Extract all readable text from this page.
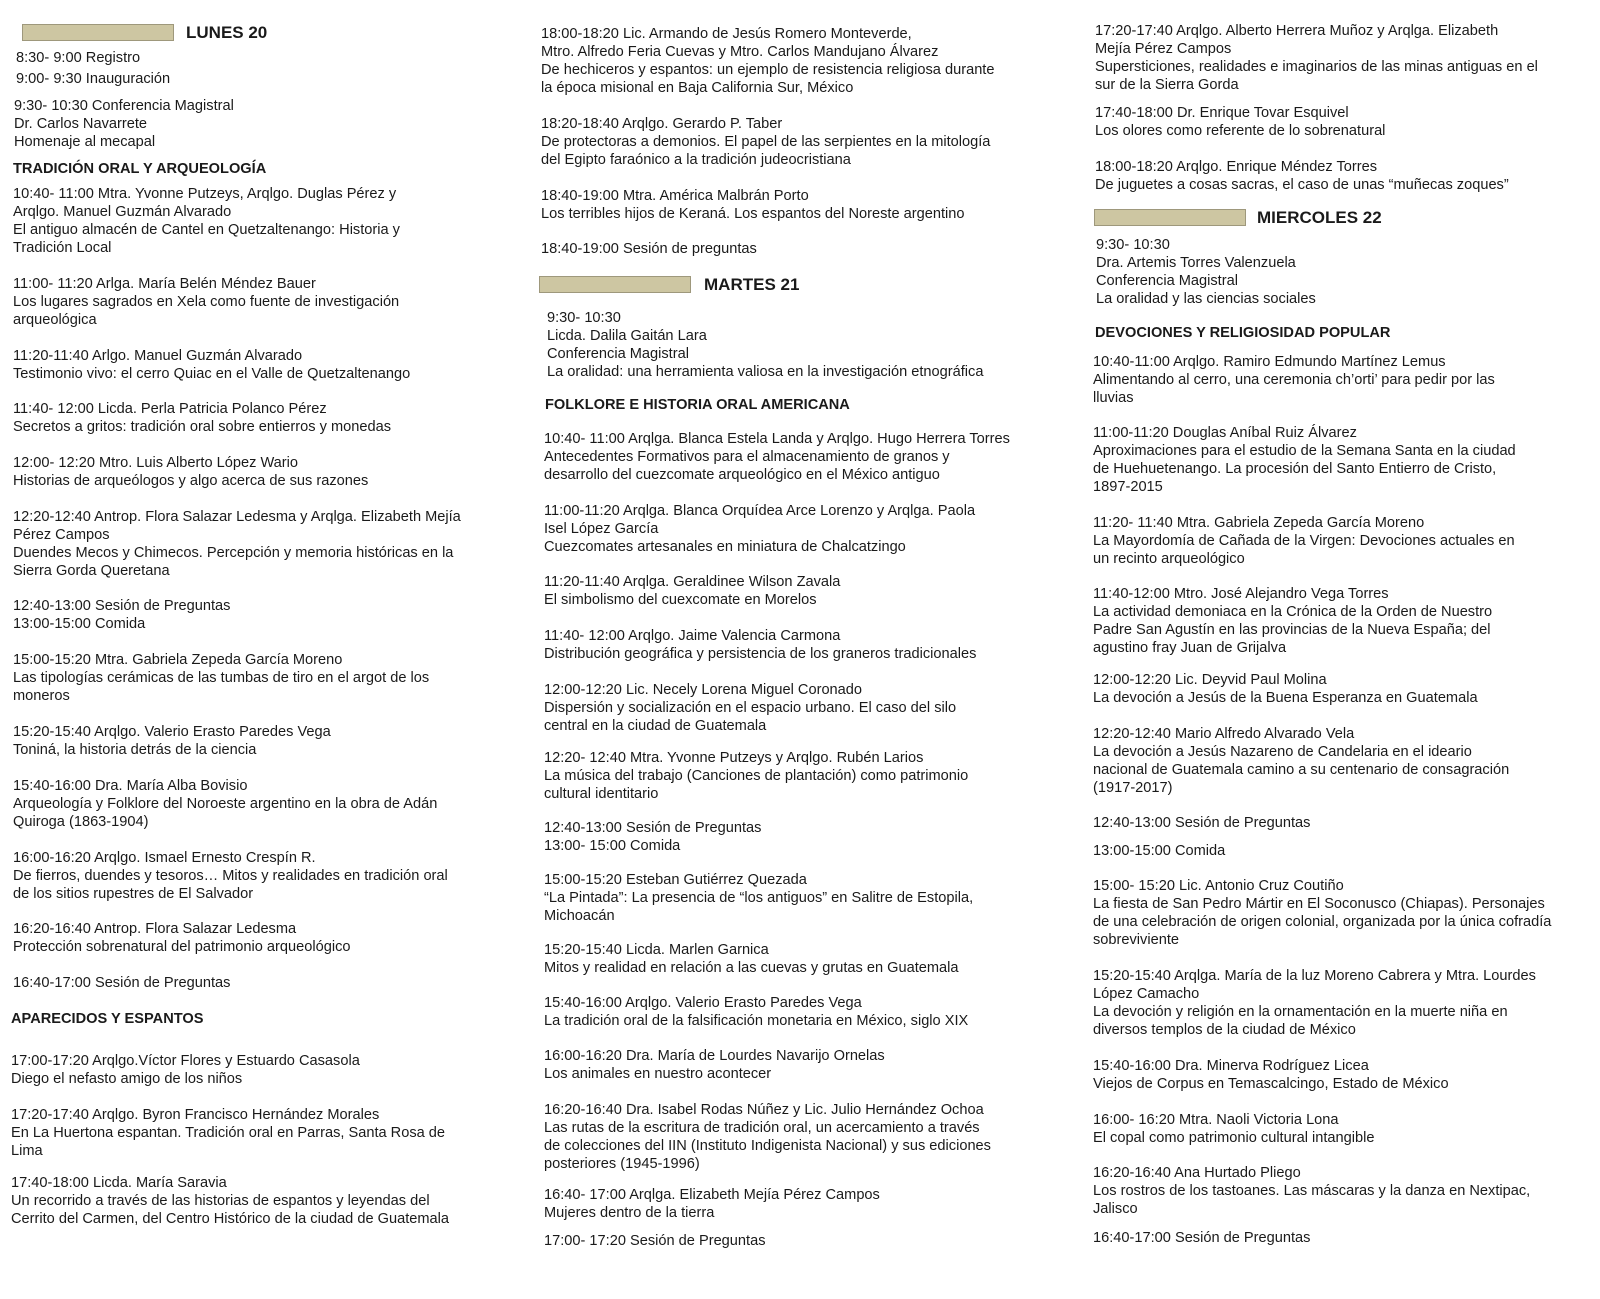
LUNES 20
8:30- 9:00 Registro
9:00- 9:30 Inauguración
9:30- 10:30 Conferencia Magistral
Dr. Carlos Navarrete
Homenaje al mecapal
TRADICIÓN ORAL Y ARQUEOLOGÍA
10:40- 11:00 Mtra. Yvonne Putzeys, Arqlgo. Duglas Pérez y
Arqlgo. Manuel Guzmán Alvarado
El antiguo almacén de Cantel en Quetzaltenango: Historia y
Tradición Local
11:00- 11:20 Arlga. María Belén Méndez Bauer
Los lugares sagrados en Xela como fuente de investigación
arqueológica
11:20-11:40 Arlgo. Manuel Guzmán Alvarado
Testimonio vivo: el cerro Quiac en el Valle de Quetzaltenango
11:40- 12:00 Licda. Perla Patricia Polanco Pérez
Secretos a gritos: tradición oral sobre entierros y monedas
12:00- 12:20 Mtro. Luis Alberto López Wario
Historias de arqueólogos y algo acerca de sus razones
12:20-12:40 Antrop. Flora Salazar Ledesma y Arqlga. Elizabeth Mejía
Pérez Campos
Duendes Mecos y Chimecos. Percepción y memoria históricas en la
Sierra Gorda Queretana
12:40-13:00 Sesión de Preguntas
13:00-15:00 Comida
15:00-15:20 Mtra. Gabriela Zepeda García Moreno
Las tipologías cerámicas de las tumbas de tiro en el argot de los
moneros
15:20-15:40 Arqlgo. Valerio Erasto Paredes Vega
Toniná, la historia detrás de la ciencia
15:40-16:00 Dra. María Alba Bovisio
Arqueología y Folklore del Noroeste argentino en la obra de Adán
Quiroga (1863-1904)
16:00-16:20 Arqlgo. Ismael Ernesto Crespín R.
De fierros, duendes y tesoros… Mitos y realidades en tradición oral
de los sitios rupestres de El Salvador
16:20-16:40 Antrop. Flora Salazar Ledesma
Protección sobrenatural del patrimonio arqueológico
16:40-17:00 Sesión de Preguntas
APARECIDOS Y ESPANTOS
17:00-17:20 Arqlgo.Víctor Flores y Estuardo Casasola
Diego el nefasto amigo de los niños
17:20-17:40 Arqlgo. Byron Francisco Hernández Morales
En La Huertona espantan. Tradición oral en Parras, Santa Rosa de
Lima
17:40-18:00 Licda. María Saravia
Un recorrido a través de las historias de espantos y leyendas del
Cerrito del Carmen, del Centro Histórico de la ciudad de Guatemala
MARTES 21
18:00-18:20 Lic. Armando de Jesús Romero Monteverde,
Mtro. Alfredo Feria Cuevas y Mtro. Carlos Mandujano Álvarez
De hechiceros y espantos: un ejemplo de resistencia religiosa durante
la época misional en Baja California Sur, México
18:20-18:40 Arqlgo. Gerardo P. Taber
De protectoras a demonios. El papel de las serpientes en la mitología
del Egipto faraónico a la tradición judeocristiana
18:40-19:00 Mtra. América Malbrán Porto
Los terribles hijos de Keraná. Los espantos del Noreste argentino
18:40-19:00 Sesión de preguntas
9:30- 10:30
Licda. Dalila Gaitán Lara
Conferencia Magistral
La oralidad: una herramienta valiosa en la investigación etnográfica
FOLKLORE E HISTORIA ORAL AMERICANA
10:40- 11:00 Arqlga. Blanca Estela Landa y Arqlgo. Hugo Herrera Torres
Antecedentes Formativos para el almacenamiento de granos y
desarrollo del cuezcomate arqueológico en el México antiguo
11:00-11:20 Arqlga. Blanca Orquídea Arce Lorenzo y Arqlga. Paola
Isel López García
Cuezcomates artesanales en miniatura de Chalcatzingo
11:20-11:40 Arqlga. Geraldinee Wilson Zavala
El simbolismo del cuexcomate en Morelos
11:40- 12:00 Arqlgo. Jaime Valencia Carmona
Distribución geográfica y persistencia de los graneros tradicionales
12:00-12:20 Lic. Necely Lorena Miguel Coronado
Dispersión y socialización en el espacio urbano. El caso del silo
central en la ciudad de Guatemala
12:20- 12:40 Mtra. Yvonne Putzeys y Arqlgo. Rubén Larios
La música del trabajo (Canciones de plantación) como patrimonio
cultural identitario
12:40-13:00 Sesión de Preguntas
13:00- 15:00 Comida
15:00-15:20 Esteban Gutiérrez Quezada
“La Pintada”: La presencia de “los antiguos” en Salitre de Estopila,
Michoacán
15:20-15:40 Licda. Marlen Garnica
Mitos y realidad en relación a las cuevas y grutas en Guatemala
15:40-16:00 Arqlgo. Valerio Erasto Paredes Vega
La tradición oral de la falsificación monetaria en México, siglo XIX
16:00-16:20 Dra. María de Lourdes Navarijo Ornelas
Los animales en nuestro acontecer
16:20-16:40 Dra. Isabel Rodas Núñez y Lic. Julio Hernández Ochoa
Las rutas de la escritura de tradición oral, un acercamiento a través
de colecciones del IIN (Instituto Indigenista Nacional) y sus ediciones
posteriores (1945-1996)
16:40- 17:00 Arqlga. Elizabeth Mejía Pérez Campos
Mujeres dentro de la tierra
17:00- 17:20 Sesión de Preguntas
MIERCOLES 22
17:20-17:40 Arqlgo. Alberto Herrera Muñoz y Arqlga. Elizabeth
Mejía Pérez Campos
Supersticiones, realidades e imaginarios de las minas antiguas en el
sur de la Sierra Gorda
17:40-18:00 Dr. Enrique Tovar Esquivel
Los olores como referente de lo sobrenatural
18:00-18:20 Arqlgo. Enrique Méndez Torres
De juguetes a cosas sacras, el caso de unas “muñecas zoques”
9:30- 10:30
Dra. Artemis Torres Valenzuela
Conferencia Magistral
La oralidad y las ciencias sociales
DEVOCIONES Y RELIGIOSIDAD POPULAR
10:40-11:00 Arqlgo. Ramiro Edmundo Martínez Lemus
Alimentando al cerro, una ceremonia ch’orti’ para pedir por las
lluvias
11:00-11:20 Douglas Aníbal Ruiz Álvarez
Aproximaciones para el estudio de la Semana Santa en la ciudad
de Huehuetenango. La procesión del Santo Entierro de Cristo,
1897-2015
11:20- 11:40 Mtra. Gabriela Zepeda García Moreno
La Mayordomía de Cañada de la Virgen: Devociones actuales en
un recinto arqueológico
11:40-12:00 Mtro. José Alejandro Vega Torres
La actividad demoniaca en la Crónica de la Orden de Nuestro
Padre San Agustín en las provincias de la Nueva España; del
agustino fray Juan de Grijalva
12:00-12:20 Lic. Deyvid Paul Molina
La devoción a Jesús de la Buena Esperanza en Guatemala
12:20-12:40 Mario Alfredo Alvarado Vela
La devoción a Jesús Nazareno de Candelaria en el ideario
nacional de Guatemala camino a su centenario de consagración
(1917-2017)
12:40-13:00 Sesión de Preguntas
13:00-15:00 Comida
15:00- 15:20 Lic. Antonio Cruz Coutiño
La fiesta de San Pedro Mártir en El Soconusco (Chiapas). Personajes
de una celebración de origen colonial, organizada por la única cofradía
sobreviviente
15:20-15:40 Arqlga. María de la luz Moreno Cabrera y Mtra. Lourdes
López Camacho
La devoción y religión en la ornamentación en la muerte niña en
diversos templos de la ciudad de México
15:40-16:00 Dra. Minerva Rodríguez Licea
Viejos de Corpus en Temascalcingo, Estado de México
16:00- 16:20 Mtra. Naoli Victoria Lona
El copal como patrimonio cultural intangible
16:20-16:40 Ana Hurtado Pliego
Los rostros de los tastoanes. Las máscaras y la danza en Nextipac,
Jalisco
16:40-17:00 Sesión de Preguntas
